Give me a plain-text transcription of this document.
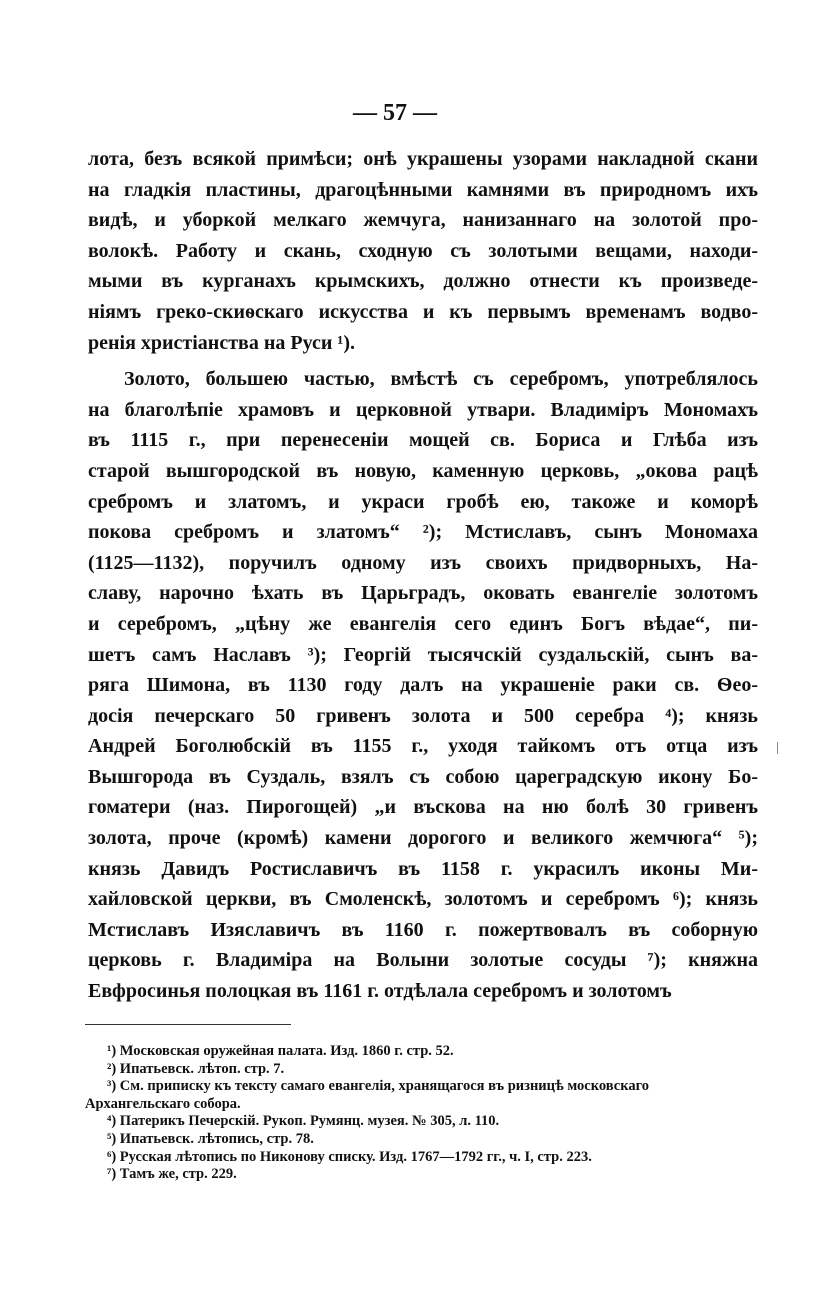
— 57 —
лота, безъ всякой примѣси; онѣ украшены узорами накладной скани
на гладкія пластины, драгоцѣнными камнями въ природномъ ихъ
видѣ, и уборкой мелкаго жемчуга, нанизаннаго на золотой про-
волокѣ. Работу и скань, сходную съ золотыми вещами, находи-
мыми въ курганахъ крымскихъ, должно отнести къ произведе-
ніямъ греко-скиѳскаго искусства и къ первымъ временамъ водво-
ренія христіанства на Руси ¹).
Золото, большею частью, вмѣстѣ съ серебромъ, употреблялось
на благолѣпіе храмовъ и церковной утвари. Владиміръ Мономахъ
въ 1115 г., при перенесеніи мощей св. Бориса и Глѣба изъ
старой вышгородской въ новую, каменную церковь, „окова рацѣ
сребромъ и златомъ, и украси гробѣ ею, такоже и коморѣ
покова сребромъ и златомъ“ ²); Мстиславъ, сынъ Мономаха
(1125—1132), поручилъ одному изъ своихъ придворныхъ, На-
славу, нарочно ѣхать въ Царьградъ, оковать евангеліе золотомъ
и серебромъ, „цѣну же евангелія сего единъ Богъ вѣдае“, пи-
шетъ самъ Наславъ ³); Георгій тысячскій суздальскій, сынъ ва-
ряга Шимона, въ 1130 году далъ на украшеніе раки св. Ѳео-
досія печерскаго 50 гривенъ золота и 500 серебра ⁴); князь
Андрей Боголюбскій въ 1155 г., уходя тайкомъ отъ отца изъ
Вышгорода въ Суздаль, взялъ съ собою цареградскую икону Бо-
гоматери (наз. Пирогощей) „и въскова на ню болѣ 30 гривенъ
золота, проче (кромѣ) камени дорогого и великого жемчюга“ ⁵);
князь Давидъ Ростиславичъ въ 1158 г. украсилъ иконы Ми-
хайловской церкви, въ Смоленскѣ, золотомъ и серебромъ ⁶); князь
Мстиславъ Изяславичъ въ 1160 г. пожертвовалъ въ соборную
церковь г. Владиміра на Волыни золотые сосуды ⁷); княжна
Евфросинья полоцкая въ 1161 г. отдѣлала серебромъ и золотомъ
¹) Московская оружейная палата. Изд. 1860 г. стр. 52.
²) Ипатьевск. лѣтоп. стр. 7.
³) См. приписку къ тексту самаго евангелія, хранящагося въ ризницѣ московскаго
Архангельскаго собора.
⁴) Патерикъ Печерскій. Рукоп. Румянц. музея. № 305, л. 110.
⁵) Ипатьевск. лѣтопись, стр. 78.
⁶) Русская лѣтопись по Никонову списку. Изд. 1767—1792 гг., ч. I, стр. 223.
⁷) Тамъ же, стр. 229.
